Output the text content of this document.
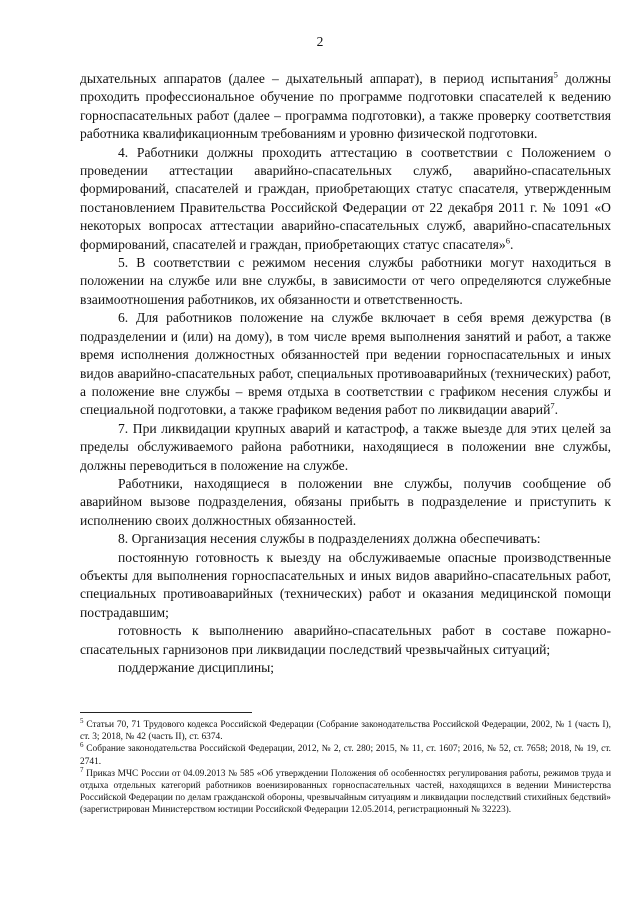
2

дыхательных аппаратов (далее – дыхательный аппарат), в период испытания$^5$ должны проходить профессиональное обучение по программе подготовки спасателей к ведению горноспасательных работ (далее – программа подготовки), а также проверку соответствия работника квалификационным требованиям и уровню физической подготовки.

4. Работники должны проходить аттестацию в соответствии с Положением о проведении аттестации аварийно-спасательных служб, аварийно-спасательных формирований, спасателей и граждан, приобретающих статус спасателя, утвержденным постановлением Правительства Российской Федерации от 22 декабря 2011 г. № 1091 «О некоторых вопросах аттестации аварийно-спасательных служб, аварийно-спасательных формирований, спасателей и граждан, приобретающих статус спасателя»$^6$.

5. В соответствии с режимом несения службы работники могут находиться в положении на службе или вне службы, в зависимости от чего определяются служебные взаимоотношения работников, их обязанности и ответственность.

6. Для работников положение на службе включает в себя время дежурства (в подразделении и (или) на дому), в том числе время выполнения занятий и работ, а также время исполнения должностных обязанностей при ведении горноспасательных и иных видов аварийно-спасательных работ, специальных противоаварийных (технических) работ, а положение вне службы – время отдыха в соответствии с графиком несения службы и специальной подготовки, а также графиком ведения работ по ликвидации аварий$^7$.

7. При ликвидации крупных аварий и катастроф, а также выезде для этих целей за пределы обслуживаемого района работники, находящиеся в положении вне службы, должны переводиться в положение на службе.

Работники, находящиеся в положении вне службы, получив сообщение об аварийном вызове подразделения, обязаны прибыть в подразделение и приступить к исполнению своих должностных обязанностей.

8. Организация несения службы в подразделениях должна обеспечивать:

постоянную готовность к выезду на обслуживаемые опасные производственные объекты для выполнения горноспасательных и иных видов аварийно-спасательных работ, специальных противоаварийных (технических) работ и оказания медицинской помощи пострадавшим;

готовность к выполнению аварийно-спасательных работ в составе пожарно-спасательных гарнизонов при ликвидации последствий чрезвычайных ситуаций;

поддержание дисциплины;

$^5$ Статьи 70, 71 Трудового кодекса Российской Федерации (Собрание законодательства Российской Федерации, 2002, № 1 (часть I), ст. 3; 2018, № 42 (часть II), ст. 6374.

$^6$ Собрание законодательства Российской Федерации, 2012, № 2, ст. 280; 2015, № 11, ст. 1607; 2016, № 52, ст. 7658; 2018, № 19, ст. 2741.

$^7$ Приказ МЧС России от 04.09.2013 № 585 «Об утверждении Положения об особенностях регулирования работы, режимов труда и отдыха отдельных категорий работников военизированных горноспасательных частей, находящихся в ведении Министерства Российской Федерации по делам гражданской обороны, чрезвычайным ситуациям и ликвидации последствий стихийных бедствий» (зарегистрирован Министерством юстиции Российской Федерации 12.05.2014, регистрационный № 32223).
